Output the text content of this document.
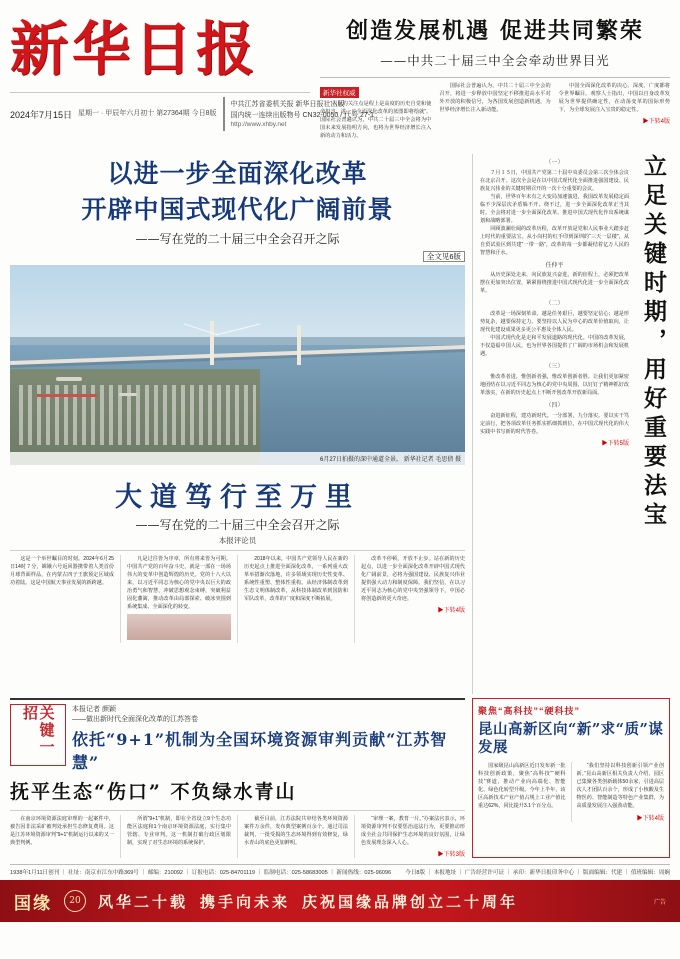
新华日报
2024年7月15日 星期一 · 甲辰年六月初十 第27364期 今日8版
中共江苏省委机关报 新华日报社出版
国内统一连续出版物号 CN32-0050 / 代号 27-1
http://www.xhby.net
创造发展机遇 促进共同繁荣
——中共二十届三中全会牵动世界目光
新华社权威
“人民的关注点是程上是高度的历史自觉和使命担当，进一步全面深化改革的蓝图即将绘就”。国际社会普遍认为，中共二十届三中全会将为中国未来发展指明方向，也将为世界经济增长注入新的动力和活力。
国际社会普遍认为，中共二十届三中全会的召开，将进一步释放中国坚定不移推进高水平对外开放的积极信号，为各国发展创造新机遇，为世界经济增长注入新动能。
中国全面深化改革的决心、深度、广度都将令世界瞩目。观察人士指出，中国以自身改革发展为世界提供确定性，在动荡变革的国际形势下，为全球发展注入宝贵的稳定性。
▶下转4版
以进一步全面深化改革
开辟中国式现代化广阔前景
——写在党的二十届三中全会召开之际
全文见6版
6月27日拍摄的深中通道全景。 新华社记者 毛思倩 摄
大道笃行至万里
——写在党的二十届三中全会召开之际
本报评论员
这是一个举世瞩目的时刻。2024年6月25日14时７分，嫦娥六号返回器携带着人类首份月球背面样品，在内蒙古四子王旗预定区域成功着陆。这是中国航天事业发展的新跨越。
凡是过往皆为序章，所有将来皆为可期。中国共产党的百年奋斗史，就是一部在一场场伟大的变革中创造辉煌的历史。党的十八大以来，以习近平同志为核心的党中央以巨大的政治勇气和智慧，冲破思想观念束缚，突破利益固化藩篱，推动改革由局部探索、破冰突围到系统集成、全面深化的转变。
2018年以来，中国共产党领导人民在新的历史起点上推进全面深化改革，一系列重大改革举措渐次落地，许多领域实现历史性变革、系统性重塑、整体性重构。从经济体制改革到生态文明体制改革，从科技体制改革到国防和军队改革，改革的广度和深度不断拓展。
改革不停顿，开放不止步。站在新的历史起点，以进一步全面深化改革开辟中国式现代化广阔前景，必将为强国建设、民族复兴伟业提供强大动力和制度保障。我们坚信，在以习近平同志为核心的党中央坚强领导下，中国必将创造新的更大奇迹。
▶下转4版
（一）
７月１５日，中国共产党第二十届中央委员会第三次全体会议在北京召开。这次全会是在以中国式现代化全面推进强国建设、民族复兴伟业的关键时期召开的一次十分重要的会议。
当前，世界百年未有之大变局加速演进，我国改革发展稳定面临不少深层次矛盾躲不开、绕不过，进一步全面深化改革正当其时。全会将对进一步全面深化改革、推进中国式现代化作出系统谋划和战略部署。
回顾波澜壮阔的改革历程，改革开放是党和人民事业大踏步赶上时代的重要法宝。从小岗村的红手印到深圳的“三天一层楼”，从自贸试验区到共建“一带一路”，改革的每一步都凝结着亿万人民的智慧和汗水。
任仲平
从历史深处走来，向民族复兴奋进。新的征程上，必须把改革摆在更加突出位置，紧紧围绕推进中国式现代化进一步全面深化改革。
（二）
改革是一场深刻革命。越是任务艰巨，越要坚定信心；越是形势复杂，越要保持定力。要坚持以人民为中心的改革价值取向，让现代化建设成果更多更公平惠及全体人民。
中国式现代化是走和平发展道路的现代化。中国的改革发展，不仅造福中国人民，也为世界各国提供了广阔的市场机会和发展机遇。
（三）
惟改革者进，惟创新者强，惟改革创新者胜。让我们更加紧密地团结在以习近平同志为核心的党中央周围，以钉钉子精神抓好改革落实，在新的历史起点上不断开创改革开放新局面。
（四）
奋进新征程，建功新时代。一分部署，九分落实。要以实干笃定前行，把各项改革任务抓实抓细抓到位，在中国式现代化的伟大实践中书写新的时代答卷。
▶下转5版 立足关键时期，用好重要法宝
关键一招	本报记者 颜颖
——做出新时代全面深化改革的江苏答卷
依托“9+1”机制为全国环境资源审判贡献“江苏智慧”
抚平生态“伤口” 不负绿水青山
在南京环境资源法庭审理的一起案件中，被告因非法采矿被判处承担生态修复费用。这是江苏环境资源审判“9+1”机制运行以来的又一典型判例。
所谓“9+1”机制，即在全省设立9个生态功能区法庭和1个南京环境资源法庭，实行集中管辖、专业审判。这一机制打破行政区划限制，实现了对生态环境的系统保护。
截至目前，江苏法院共审结各类环境资源案件万余件，发布典型案例百余个。通过司法裁判，一批受损的生态环境得到有效修复，绿水青山的底色更加鲜明。
“审理一案，教育一片。”办案法官表示，环境资源审判不仅要惩治违法行为，更要推动形成全社会共同保护生态环境的良好氛围，让绿色发展理念深入人心。
▶下转3版
聚焦“高科技”“硬科技”
昆山高新区向“新”求“质”谋发展
国家级昆山高新区近日发布新一批科技创新政策，聚焦“高科技”“硬科技”赛道，推动产业向高端化、智能化、绿色化转型升级。今年上半年，该区高新技术产业产值占规上工业产值比重达62%，同比提升3.1个百分点。
“我们坚持以科技创新引领产业创新。”昆山高新区相关负责人介绍，园区已集聚各类创新载体50余家，引进高层次人才团队百余个，形成了小核酸及生物医药、智能制造等特色产业集群，为高质量发展注入强劲动能。
▶下转4版
1938年1月11日创刊 ｜ 社址：南京市江东中路369号 ｜ 邮编：210092 ｜ 订报电话：025-84701119 ｜ 监制电话：025-58683005 ｜ 新闻热线：025-96096	今日8版 ｜ 本报地址 ｜ 广告经营许可证 ｜ 承印：新华日报印务中心 ｜ 版面编辑：代建 ｜ 值班编辑：周娴
国缘	20	风华二十载 携手向未来 庆祝国缘品牌创立二十周年	广告
